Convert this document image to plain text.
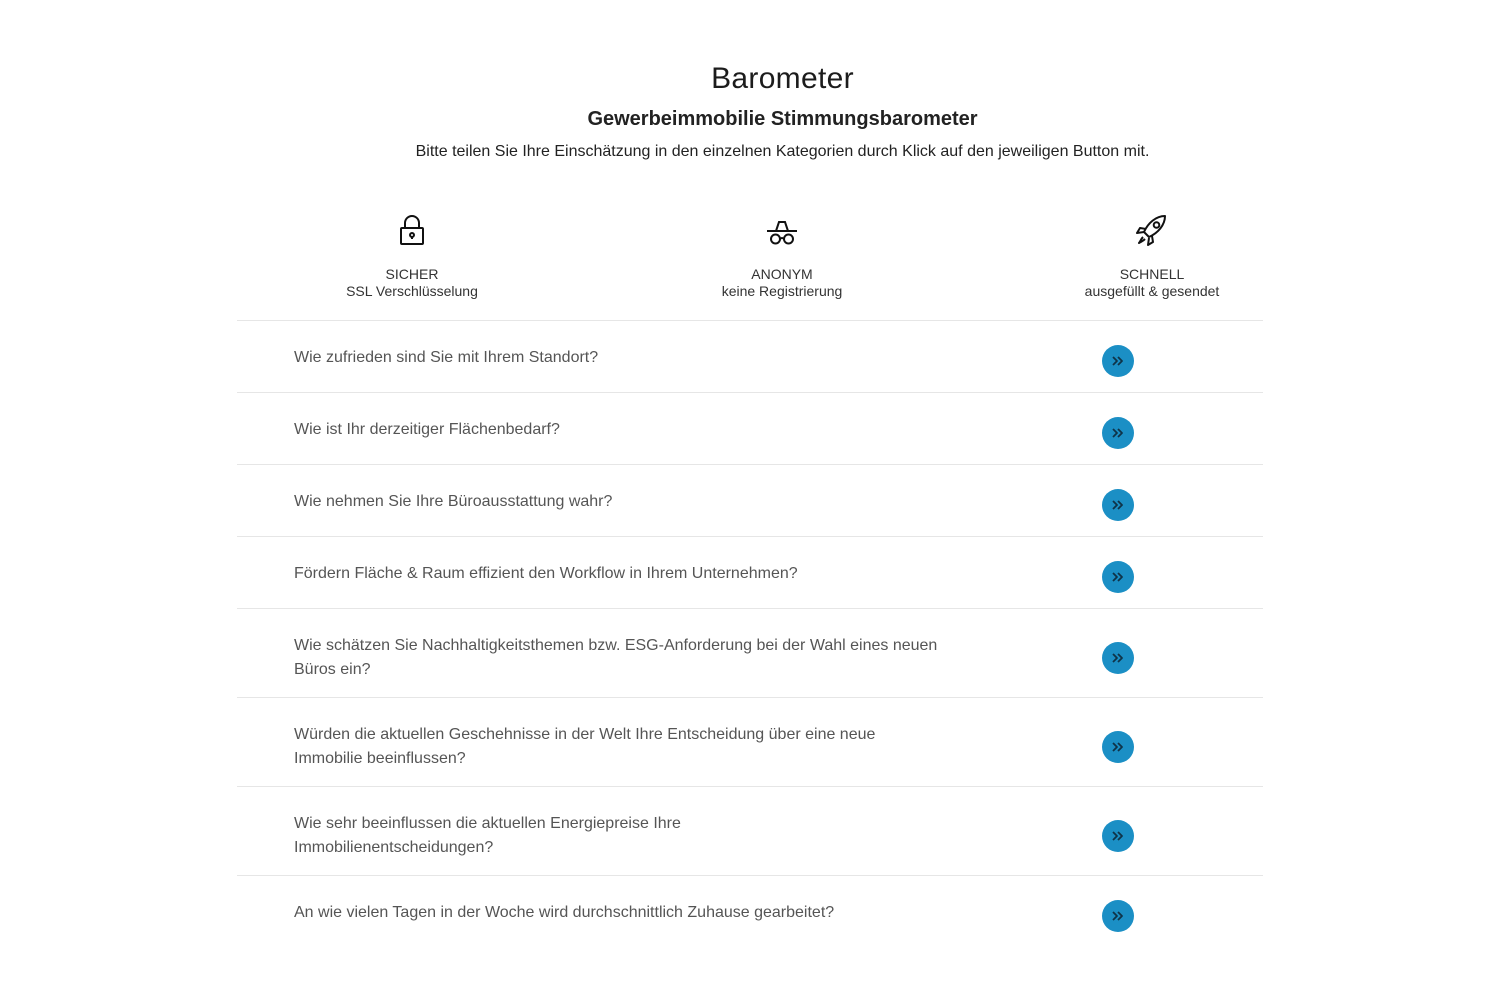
Barometer
Gewerbeimmobilie Stimmungsbarometer
Bitte teilen Sie Ihre Einschätzung in den einzelnen Kategorien durch Klick auf den jeweiligen Button mit.
SICHER
SSL Verschlüsselung
ANONYM
keine Registrierung
SCHNELL
ausgefüllt & gesendet
Wie zufrieden sind Sie mit Ihrem Standort?
Wie ist Ihr derzeitiger Flächenbedarf?
Wie nehmen Sie Ihre Büroausstattung wahr?
Fördern Fläche & Raum effizient den Workflow in Ihrem Unternehmen?
Wie schätzen Sie Nachhaltigkeitsthemen bzw. ESG-Anforderung bei der Wahl eines neuen Büros ein?
Würden die aktuellen Geschehnisse in der Welt Ihre Entscheidung über eine neue Immobilie beeinflussen?
Wie sehr beeinflussen die aktuellen Energiepreise Ihre Immobilienentscheidungen?
An wie vielen Tagen in der Woche wird durchschnittlich Zuhause gearbeitet?
